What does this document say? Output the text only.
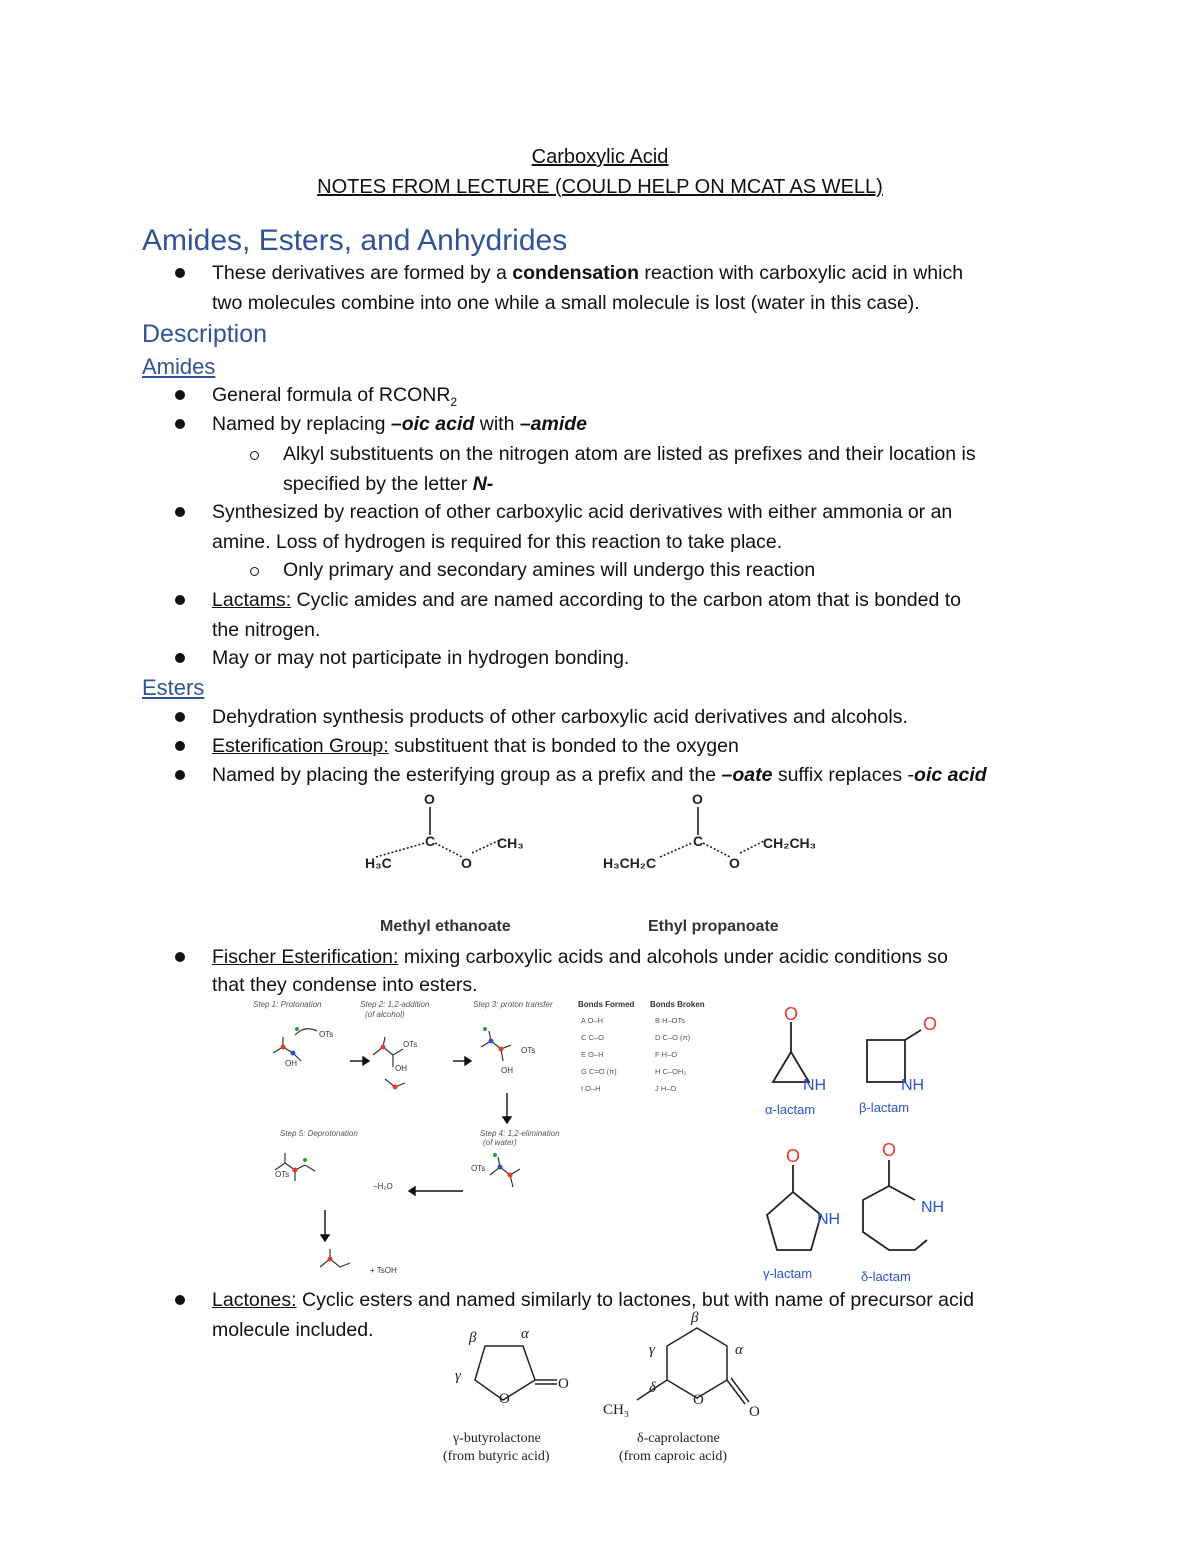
Carboxylic Acid
NOTES FROM LECTURE (COULD HELP ON MCAT AS WELL)
Amides, Esters, and Anhydrides
These derivatives are formed by a condensation reaction with carboxylic acid in which
two molecules combine into one while a small molecule is lost (water in this case).
Description
Amides
General formula of $RCONR_2$
Named by replacing –oic acid with –amide
Alkyl substituents on the nitrogen atom are listed as prefixes and their location is
specified by the letter N-
Synthesized by reaction of other carboxylic acid derivatives with either ammonia or an
amine. Loss of hydrogen is required for this reaction to take place.
Only primary and secondary amines will undergo this reaction
Lactams: Cyclic amides and are named according to the carbon atom that is bonded to
the nitrogen.
May or may not participate in hydrogen bonding.
Esters
Dehydration synthesis products of other carboxylic acid derivatives and alcohols.
Esterification Group: substituent that is bonded to the oxygen
Named by placing the esterifying group as a prefix and the –oate suffix replaces -oic acid
O
C
H₃C	O
CH₃
O
C
H₃CH₂C	O
CH₂CH₃
Methyl ethanoate	Ethyl propanoate
Fischer Esterification: mixing carboxylic acids and alcohols under acidic conditions so
that they condense into esters.
Step 1: Protonation	Step 2: 1,2-addition
(of alcohol)
Step 3: proton transfer
Step 4: 1,2-elimination
(of water)
Step 5: Deprotonation
Bonds Formed Bonds Broken
A O–H	B H–OTs
C C–O	D C–O (π)
E O–H	F H–O
G C=O (π)	H C–OH₂
I O–H	J H–O
OH
OTs
OH
OTs
OH
OTs
OTs
OTs
−H₂O
+ TsOH
O	O
O	O
NH	NH
NH
NH
α-lactam	β-lactam
γ-lactam	δ-lactam
Lactones: Cyclic esters and named similarly to lactones, but with name of precursor acid
molecule included.
O
O
O
O
CH₃
α
β
γ
α
β
γ
δ
γ-butyrolactone
(from butyric acid)
δ-caprolactone
(from caproic acid)
